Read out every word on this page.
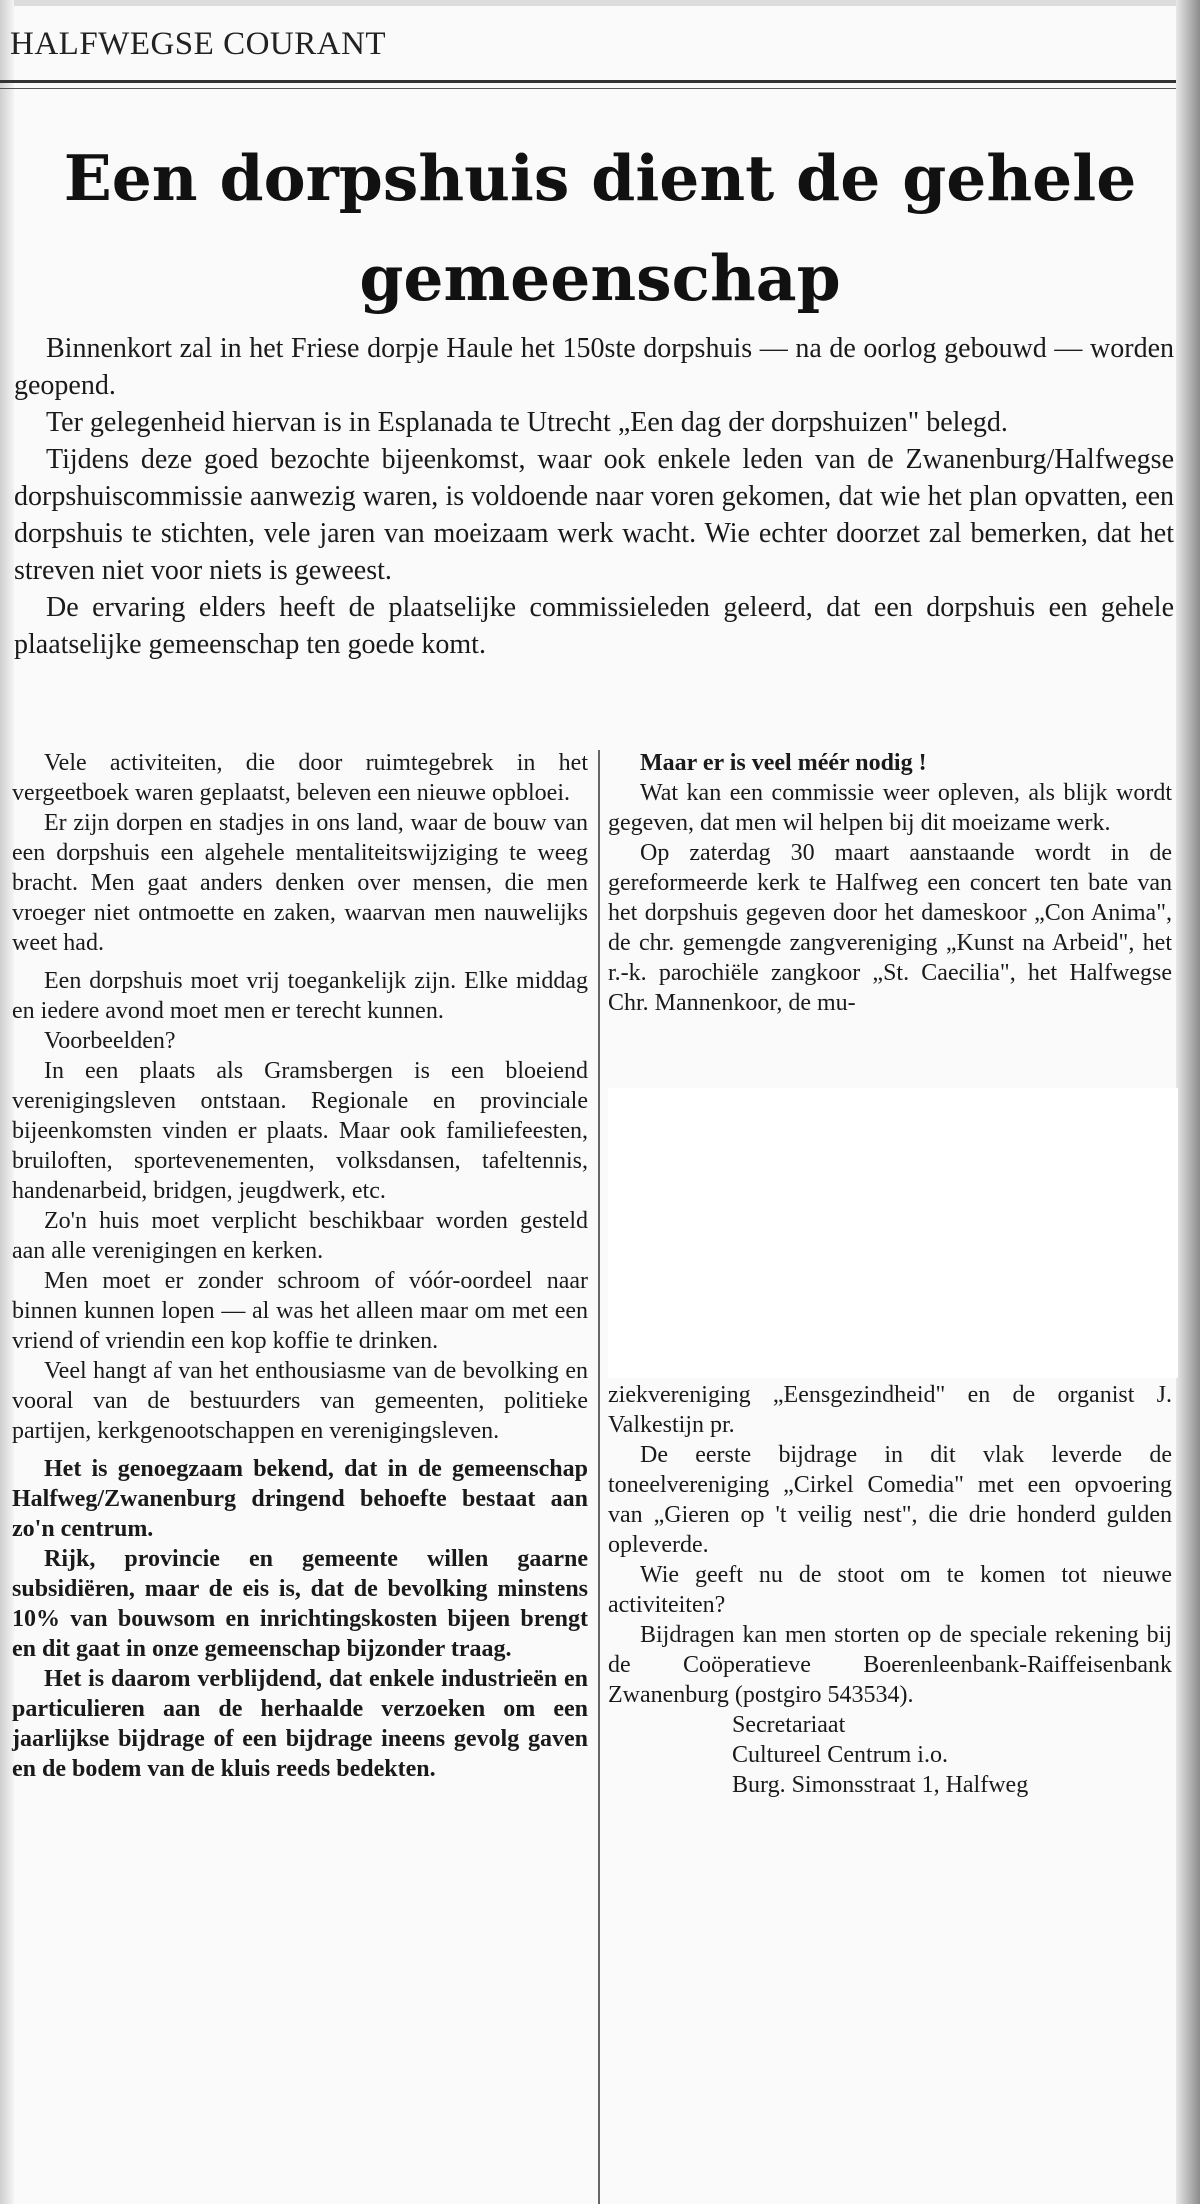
HALFWEGSE COURANT
Een dorpshuis dient de gehele gemeenschap

Binnenkort zal in het Friese dorpje Haule het 150ste dorpshuis — na de oorlog gebouwd — worden geopend.

Ter gelegenheid hiervan is in Esplanada te Utrecht „Een dag der dorpshuizen" belegd.

Tijdens deze goed bezochte bijeenkomst, waar ook enkele leden van de Zwanenburg/Halfwegse dorpshuiscommissie aanwezig waren, is voldoende naar voren gekomen, dat wie het plan opvatten, een dorpshuis te stichten, vele jaren van moeizaam werk wacht. Wie echter doorzet zal bemerken, dat het streven niet voor niets is geweest.

De ervaring elders heeft de plaatselijke commissieleden geleerd, dat een dorpshuis een gehele plaatselijke gemeenschap ten goede komt.

Vele activiteiten, die door ruimtegebrek in het vergeetboek waren geplaatst, beleven een nieuwe opbloei.

Er zijn dorpen en stadjes in ons land, waar de bouw van een dorpshuis een algehele mentaliteitswijziging te weeg bracht. Men gaat anders denken over mensen, die men vroeger niet ontmoette en zaken, waarvan men nauwelijks weet had.

Een dorpshuis moet vrij toegankelijk zijn. Elke middag en iedere avond moet men er terecht kunnen.

Voorbeelden?

In een plaats als Gramsbergen is een bloeiend verenigingsleven ontstaan. Regionale en provinciale bijeenkomsten vinden er plaats. Maar ook familiefeesten, bruiloften, sportevenementen, volksdansen, tafeltennis, handenarbeid, bridgen, jeugdwerk, etc.

Zo'n huis moet verplicht beschikbaar worden gesteld aan alle verenigingen en kerken.

Men moet er zonder schroom of vóór-oordeel naar binnen kunnen lopen — al was het alleen maar om met een vriend of vriendin een kop koffie te drinken.

Veel hangt af van het enthousiasme van de bevolking en vooral van de bestuurders van gemeenten, politieke partijen, kerkgenootschappen en verenigingsleven.

Het is genoegzaam bekend, dat in de gemeenschap Halfweg/Zwanenburg dringend behoefte bestaat aan zo'n centrum.

Rijk, provincie en gemeente willen gaarne subsidiëren, maar de eis is, dat de bevolking minstens 10% van bouwsom en inrichtingskosten bijeen brengt en dit gaat in onze gemeenschap bijzonder traag.

Het is daarom verblijdend, dat enkele industrieën en particulieren aan de herhaalde verzoeken om een jaarlijkse bijdrage of een bijdrage ineens gevolg gaven en de bodem van de kluis reeds bedekten.

Maar er is veel méér nodig !

Wat kan een commissie weer opleven, als blijk wordt gegeven, dat men wil helpen bij dit moeizame werk.

Op zaterdag 30 maart aanstaande wordt in de gereformeerde kerk te Halfweg een concert ten bate van het dorpshuis gegeven door het dameskoor „Con Anima", de chr. gemengde zangvereniging „Kunst na Arbeid", het r.-k. parochiële zangkoor „St. Caecilia", het Halfwegse Chr. Mannenkoor, de mu-

ziekvereniging „Eensgezindheid" en de organist J. Valkestijn pr.

De eerste bijdrage in dit vlak leverde de toneelvereniging „Cirkel Comedia" met een opvoering van „Gieren op 't veilig nest", die drie honderd gulden opleverde.

Wie geeft nu de stoot om te komen tot nieuwe activiteiten?

Bijdragen kan men storten op de speciale rekening bij de Coöperatieve Boerenleenbank-Raiffeisenbank Zwanenburg (postgiro 543534).

Secretariaat

Cultureel Centrum i.o.

Burg. Simonsstraat 1, Halfweg
